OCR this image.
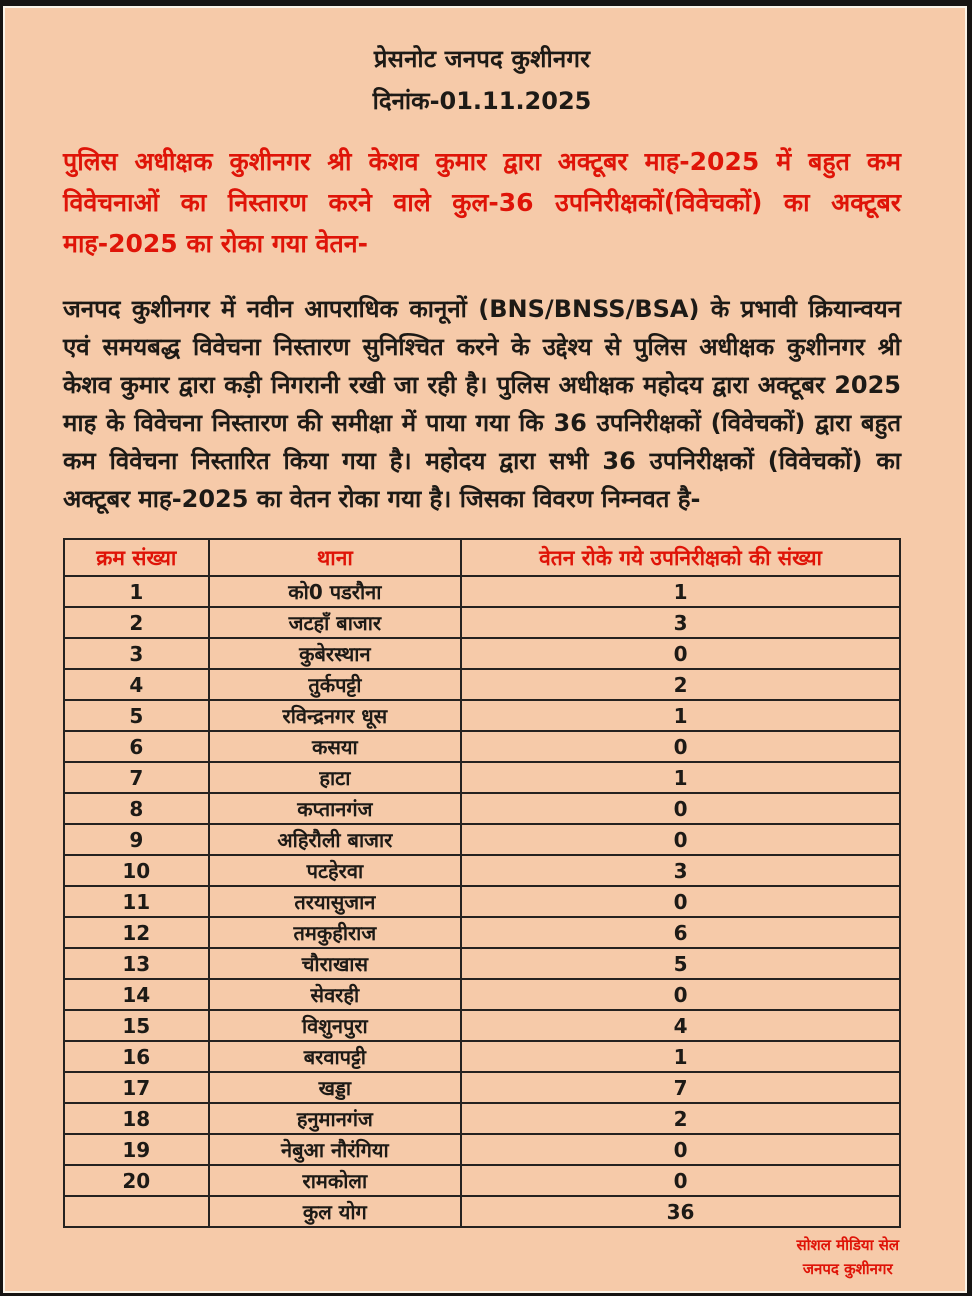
प्रेसनोट जनपद कुशीनगर
दिनांक-01.11.2025
पुलिस अधीक्षक कुशीनगर श्री केशव कुमार द्वारा अक्टूबर माह-2025 में बहुत कम विवेचनाओं का निस्तारण करने वाले कुल-36 उपनिरीक्षकों(विवेचकों) का अक्टूबर माह-2025 का रोका गया वेतन-
जनपद कुशीनगर में नवीन आपराधिक कानूनों (BNS/BNSS/BSA) के प्रभावी क्रियान्वयन एवं समयबद्ध विवेचना निस्तारण सुनिश्चित करने के उद्देश्य से पुलिस अधीक्षक कुशीनगर श्री केशव कुमार द्वारा कड़ी निगरानी रखी जा रही है। पुलिस अधीक्षक महोदय द्वारा अक्टूबर 2025 माह के विवेचना निस्तारण की समीक्षा में पाया गया कि 36 उपनिरीक्षकों (विवेचकों) द्वारा बहुत कम विवेचना निस्तारित किया गया है। महोदय द्वारा सभी 36 उपनिरीक्षकों (विवेचकों) का अक्टूबर माह-2025 का वेतन रोका गया है। जिसका विवरण निम्नवत है-
क्रम संख्या	थाना	वेतन रोके गये उपनिरीक्षको की संख्या
1	को0 पडरौना	1
2	जटहाँ बाजार	3
3	कुबेरस्थान	0
4	तुर्कपट्टी	2
5	रविन्द्रनगर धूस	1
6	कसया	0
7	हाटा	1
8	कप्तानगंज	0
9	अहिरौली बाजार	0
10	पटहेरवा	3
11	तरयासुजान	0
12	तमकुहीराज	6
13	चौराखास	5
14	सेवरही	0
15	विशुनपुरा	4
16	बरवापट्टी	1
17	खड्डा	7
18	हनुमानगंज	2
19	नेबुआ नौरंगिया	0
20	रामकोला	0
	कुल योग	36
सोशल मीडिया सेल
जनपद कुशीनगर
